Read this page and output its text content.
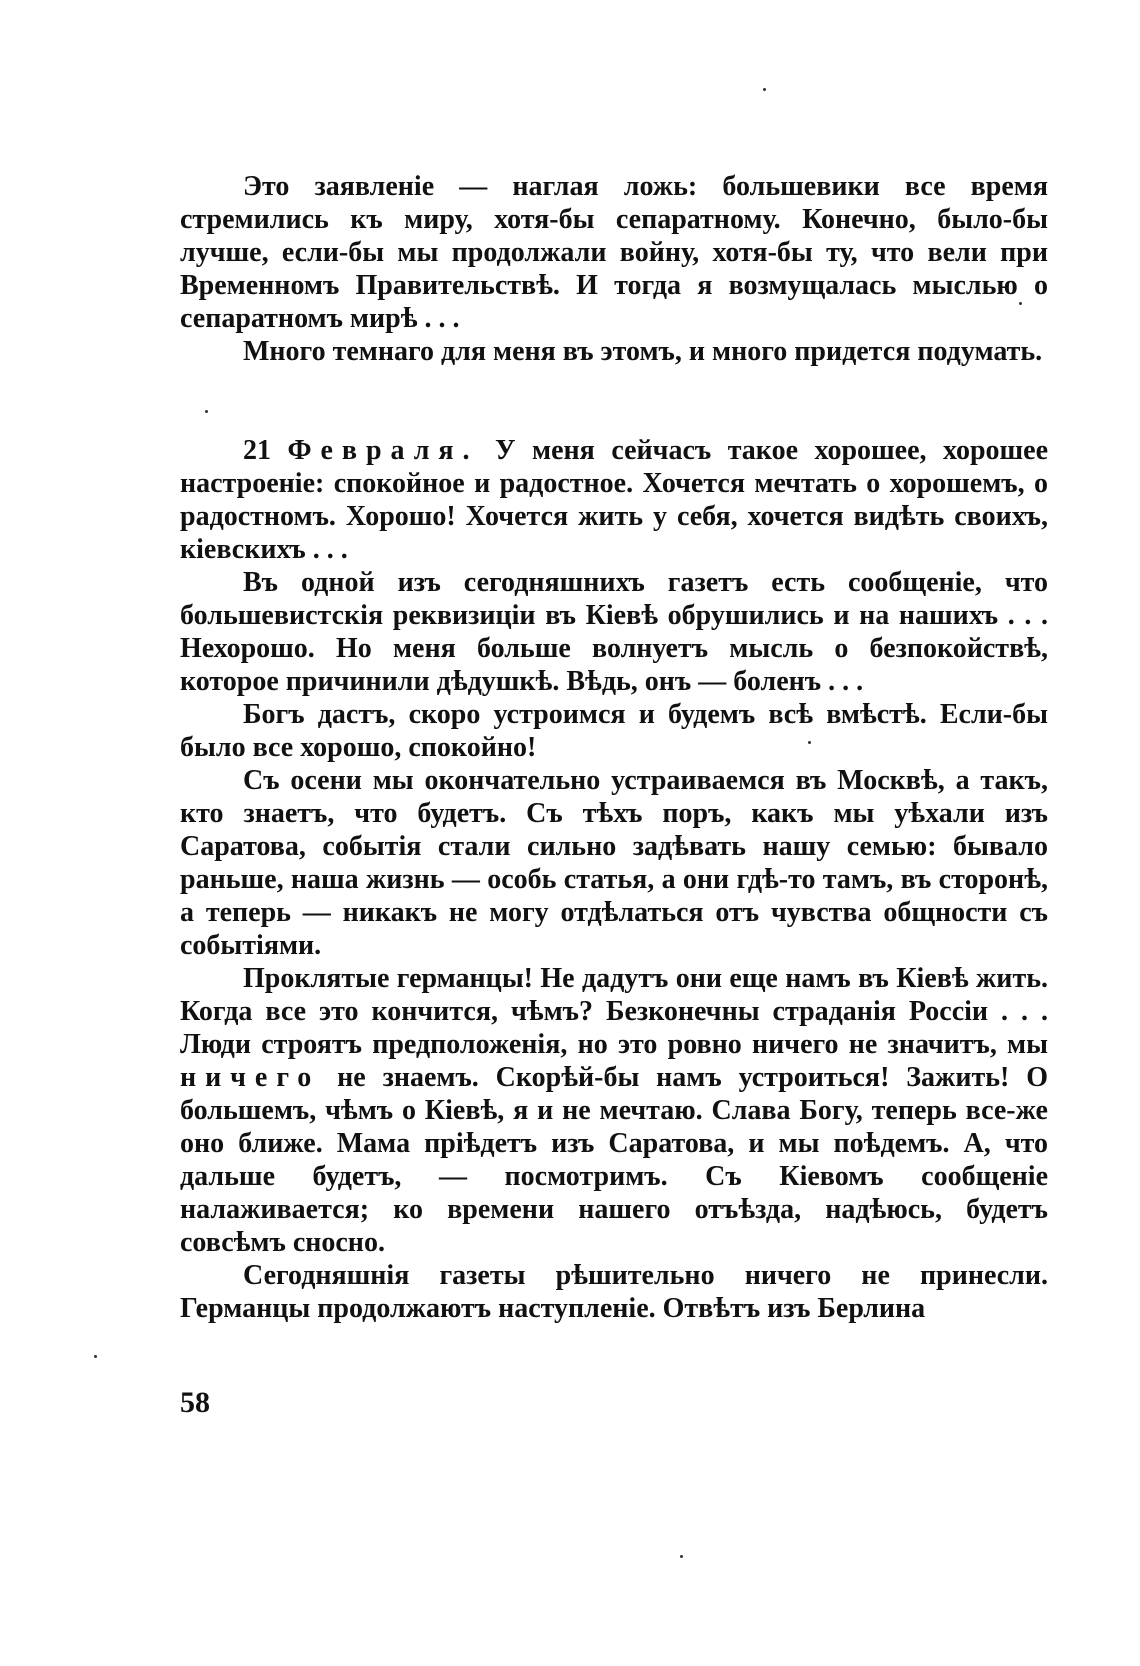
Это заявленіе — наглая ложь: большевики все время стремились къ миру, хотя-бы сепаратному. Конечно, было-бы лучше, если-бы мы продолжали войну, хотя-бы ту, что вели при Временномъ Правительствѣ. И тогда я возмущалась мыслью о сепаратномъ мирѣ . . .

Много темнаго для меня въ этомъ, и много придется подумать.

21 Февраля. У меня сейчасъ такое хорошее, хорошее настроеніе: спокойное и радостное. Хочется мечтать о хорошемъ, о радостномъ. Хорошо! Хочется жить у себя, хочется видѣть своихъ, кіевскихъ . . .

Въ одной изъ сегодняшнихъ газетъ есть сообщеніе, что большевистскія реквизиціи въ Кіевѣ обрушились и на нашихъ . . . Нехорошо. Но меня больше волнуетъ мысль о безпокойствѣ, которое причинили дѣдушкѣ. Вѣдь, онъ — боленъ . . .

Богъ дастъ, скоро устроимся и будемъ всѣ вмѣстѣ. Если-бы было все хорошо, спокойно!

Съ осени мы окончательно устраиваемся въ Москвѣ, а такъ, кто знаетъ, что будетъ. Съ тѣхъ поръ, какъ мы уѣхали изъ Саратова, событія стали сильно задѣвать нашу семью: бывало раньше, наша жизнь — особь статья, а они гдѣ-то тамъ, въ сторонѣ, а теперь — никакъ не могу отдѣлаться отъ чувства общности съ событіями.

Проклятые германцы! Не дадутъ они еще намъ въ Кіевѣ жить. Когда все это кончится, чѣмъ? Безконечны страданія Россіи . . . Люди строятъ предположенія, но это ровно ничего не значитъ, мы ничего не знаемъ. Скорѣй-бы намъ устроиться! Зажить! О большемъ, чѣмъ о Кіевѣ, я и не мечтаю. Слава Богу, теперь все-же оно ближе. Мама пріѣдетъ изъ Саратова, и мы поѣдемъ. А, что дальше будетъ, — посмотримъ. Съ Кіевомъ сообщеніе налаживается; ко времени нашего отъѣзда, надѣюсь, будетъ совсѣмъ сносно.

Сегодняшнія газеты рѣшительно ничего не принесли. Германцы продолжаютъ наступленіе. Отвѣтъ изъ Берлина

58
